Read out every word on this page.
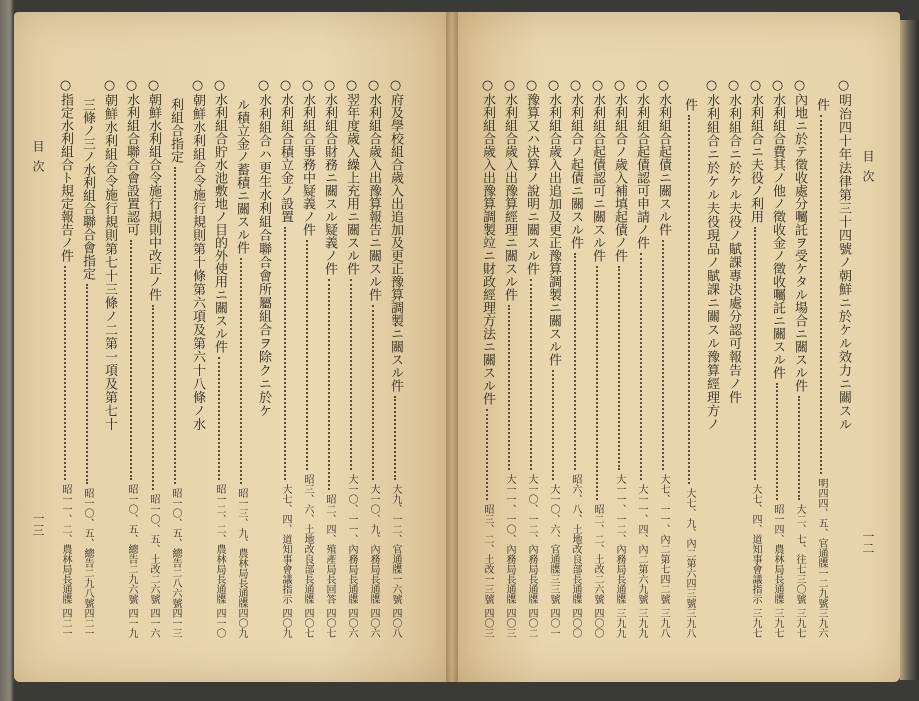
目次
一三
目次
一二
○府及學校組合歲入出追加及更正豫算調製ニ關スル件
大九、一二、官通牒一六號
四〇八
○水利組合歲入出豫算報告ニ關スル件
大一〇、九、內務局長通牒
四〇六
○翌年度歲入繰上充用ニ關スル件
大一〇、一一、內務局長通牒
四〇六
○水利組合財務ニ關スル疑義ノ件
昭二、四、殖產局長回答
四〇七
○水利組合事務中疑義ノ件
昭三、六、土地改良部長通牒
四〇七
○水利組合積立金ノ設置
大七、四、道知事會議指示
四〇九
○水利組合ハ更生水利組合聯合會所屬組合ヲ除クニ於ケ
ル積立金ノ蓄積ニ關スル件
昭一三、九、農林局長通牒
四〇九
○水利組合貯水池敷地ノ目的外使用ニ關スル件
昭一二、二、農林局長通牒
四一〇
○朝鮮水利組合令施行規則第十條第六項及第六十八條ノ水
利組合指定
昭一〇、五、總告二八六號
四一三
○朝鮮水利組合令施行規則中改正ノ件
昭一〇、五、土改二六號
四一六
○水利組合聯合會設置認可
昭一〇、五、總告二九六號
四一九
○朝鮮水利組合令施行規則第七十三條ノ二第一項及第七十
三條ノ三ノ水利組合聯合會指定
昭一〇、五、總告二九八號
四二一
○指定水利組合ト規定報告ノ件
昭一一、二、農林局長通牒
四二一
○明治四十年法律第三十四號ノ朝鮮ニ於ケル效力ニ關スル
件
明四四、五、官通牒一二九號
三九六
○內地ニ於テ徵收處分囑託ヲ受ケタル場合ニ關スル件
大二、七、往七三〇號
三九七
○水利組合費其ノ他ノ徵收金ノ徵收囑託ニ關スル件
昭一四、農林局長通牒
三九七
○水利組合ニ夫役ノ利用
大七、四、道知事會議指示
三九七
○水利組合ニ於ケル夫役ノ賦課專決處分認可報告ノ件
○水利組合ニ於ケル夫役現品ノ賦課ニ關スル豫算經理方ノ
件
大七、九、內二第六四三號
三九八
○水利組合起債ニ關スル件
大七、一一、內二第七四二號
三九八
○水利組合起債認可申請ノ件
大一一、四、內二第六九號
三九九
○水利組合ノ歲入補填起債ノ件
大一一、一二、內務局長通牒
三九九
○水利組合起債認可ニ關スル件
昭二、二、土改二六號
四〇〇
○水利組合ノ起債ニ關スル件
昭六、八、土地改良部長通牒
四〇〇
○水利組合歲入出追加及更正豫算調製ニ關スル件
大一〇、六、官通牒三三號
四〇一
○豫算又ハ決算ノ說明ニ關スル件
大一〇、一二、內務局長通牒
四〇二
○水利組合歲入出豫算經理ニ關スル件
大一一、一〇、內務局長通牒
四〇三
○水利組合歲入出豫算調製竝ニ財政經理方法ニ關スル件
昭三、二、土改一三號
四〇三
